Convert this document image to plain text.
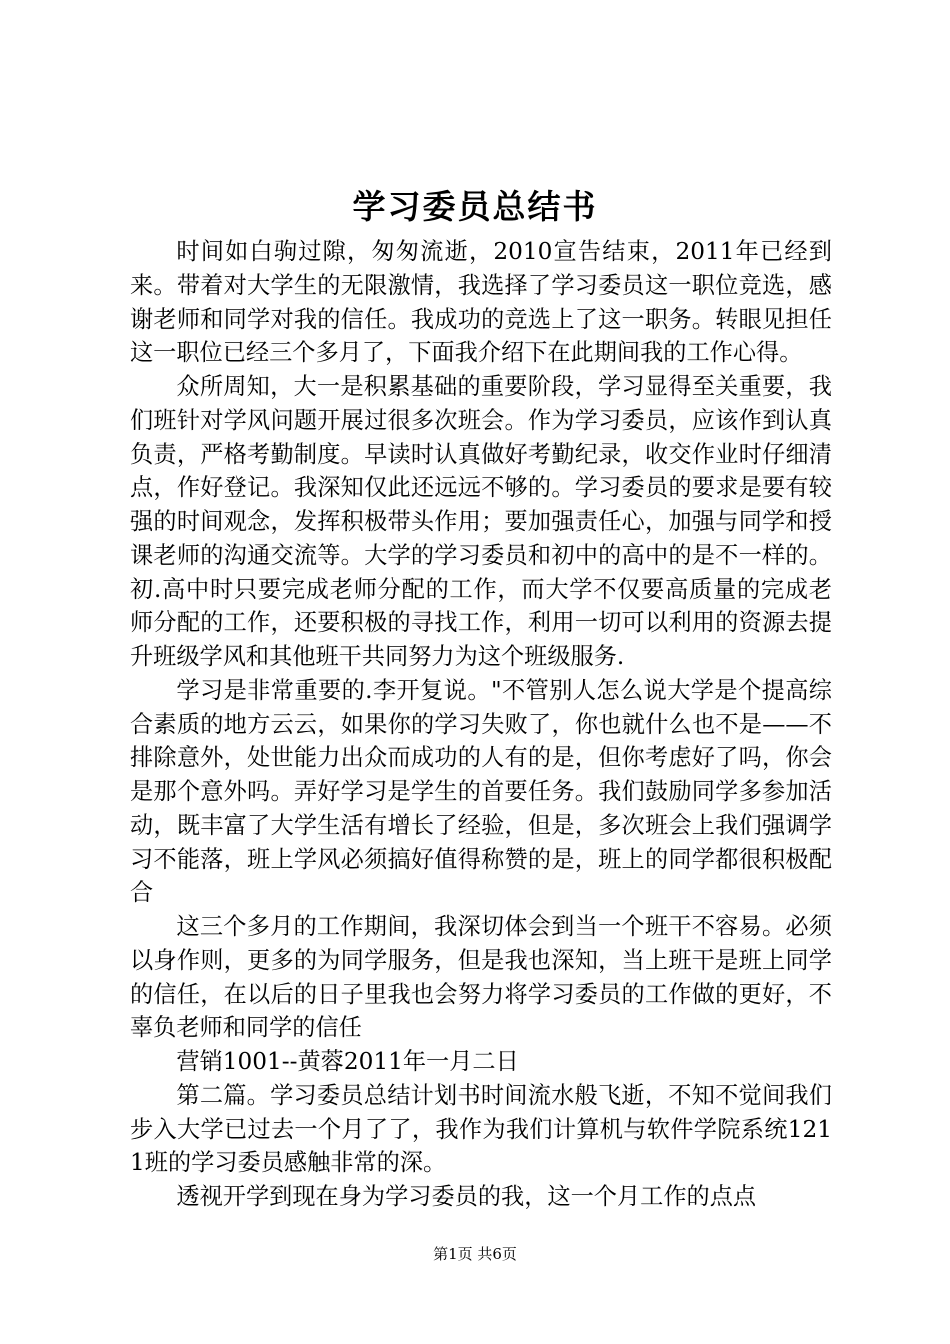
学习委员总结书

时间如白驹过隙，匆匆流逝，2010宣告结束，2011年已经到来。带着对大学生的无限激情，我选择了学习委员这一职位竞选，感谢老师和同学对我的信任。我成功的竞选上了这一职务。转眼见担任这一职位已经三个多月了，下面我介绍下在此期间我的工作心得。

众所周知，大一是积累基础的重要阶段，学习显得至关重要，我们班针对学风问题开展过很多次班会。作为学习委员，应该作到认真负责，严格考勤制度。早读时认真做好考勤纪录，收交作业时仔细清点，作好登记。我深知仅此还远远不够的。学习委员的要求是要有较强的时间观念，发挥积极带头作用；要加强责任心，加强与同学和授课老师的沟通交流等。大学的学习委员和初中的高中的是不一样的。初.高中时只要完成老师分配的工作，而大学不仅要高质量的完成老师分配的工作，还要积极的寻找工作，利用一切可以利用的资源去提升班级学风和其他班干共同努力为这个班级服务.

学习是非常重要的.李开复说。"不管别人怎么说大学是个提高综合素质的地方云云，如果你的学习失败了，你也就什么也不是——不排除意外，处世能力出众而成功的人有的是，但你考虑好了吗，你会是那个意外吗。弄好学习是学生的首要任务。我们鼓励同学多参加活动，既丰富了大学生活有增长了经验，但是，多次班会上我们强调学习不能落，班上学风必须搞好值得称赞的是，班上的同学都很积极配合

这三个多月的工作期间，我深切体会到当一个班干不容易。必须以身作则，更多的为同学服务，但是我也深知，当上班干是班上同学的信任，在以后的日子里我也会努力将学习委员的工作做的更好，不辜负老师和同学的信任

营销1001--黄蓉2011年一月二日

第二篇。学习委员总结计划书时间流水般飞逝，不知不觉间我们步入大学已过去一个月了了，我作为我们计算机与软件学院系统1211班的学习委员感触非常的深。

透视开学到现在身为学习委员的我，这一个月工作的点点

第1页 共6页
